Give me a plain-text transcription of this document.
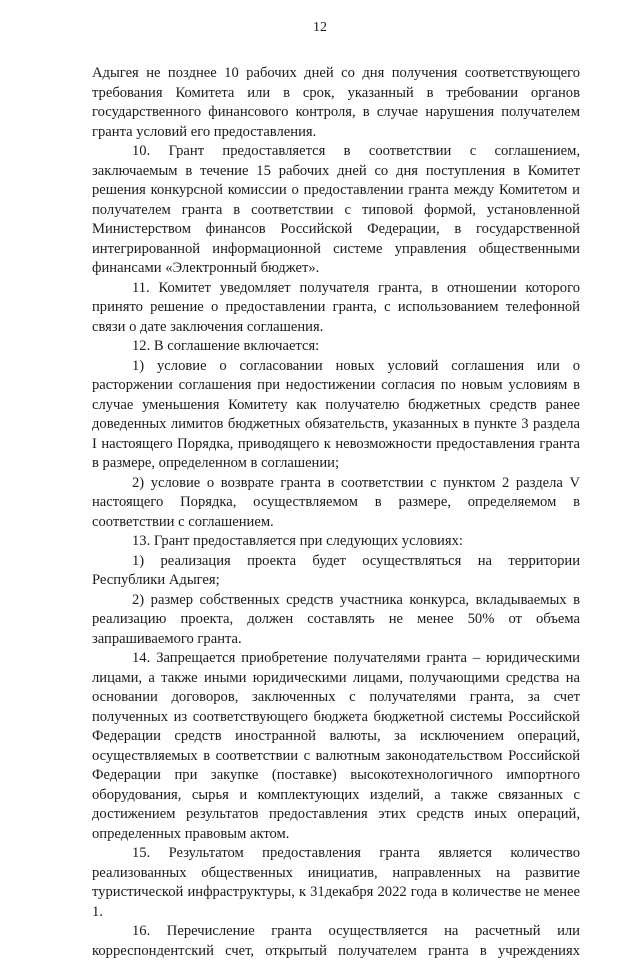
12

Адыгея не позднее 10 рабочих дней со дня получения соответствующего требования Комитета или в срок, указанный в требовании органов государственного финансового контроля, в случае нарушения получателем гранта условий его предоставления.

10. Грант предоставляется в соответствии с соглашением, заключаемым в течение 15 рабочих дней со дня поступления в Комитет решения конкурсной комиссии о предоставлении гранта между Комитетом и получателем гранта в соответствии с типовой формой, установленной Министерством финансов Российской Федерации, в государственной интегрированной информационной системе управления общественными финансами «Электронный бюджет».

11. Комитет уведомляет получателя гранта, в отношении которого принято решение о предоставлении гранта, с использованием телефонной связи о дате заключения соглашения.

12. В соглашение включается:

1) условие о согласовании новых условий соглашения или о расторжении соглашения при недостижении согласия по новым условиям в случае уменьшения Комитету как получателю бюджетных средств ранее доведенных лимитов бюджетных обязательств, указанных в пункте 3 раздела I настоящего Порядка, приводящего к невозможности предоставления гранта в размере, определенном в соглашении;

2) условие о возврате гранта в соответствии с пунктом 2 раздела V настоящего Порядка, осуществляемом в размере, определяемом в соответствии с соглашением.

13. Грант предоставляется при следующих условиях:

1) реализация проекта будет осуществляться на территории Республики Адыгея;

2) размер собственных средств участника конкурса, вкладываемых в реализацию проекта, должен составлять не менее 50% от объема запрашиваемого гранта.

14. Запрещается приобретение получателями гранта – юридическими лицами, а также иными юридическими лицами, получающими средства на основании договоров, заключенных с получателями гранта, за счет полученных из соответствующего бюджета бюджетной системы Российской Федерации средств иностранной валюты, за исключением операций, осуществляемых в соответствии с валютным законодательством Российской Федерации при закупке (поставке) высокотехнологичного импортного оборудования, сырья и комплектующих изделий, а также связанных с достижением результатов предоставления этих средств иных операций, определенных правовым актом.

15. Результатом предоставления гранта является количество реализованных общественных инициатив, направленных на развитие туристической инфраструктуры, к 31декабря 2022 года в количестве не менее 1.

16. Перечисление гранта осуществляется на расчетный или корреспондентский счет, открытый получателем гранта в учреждениях
